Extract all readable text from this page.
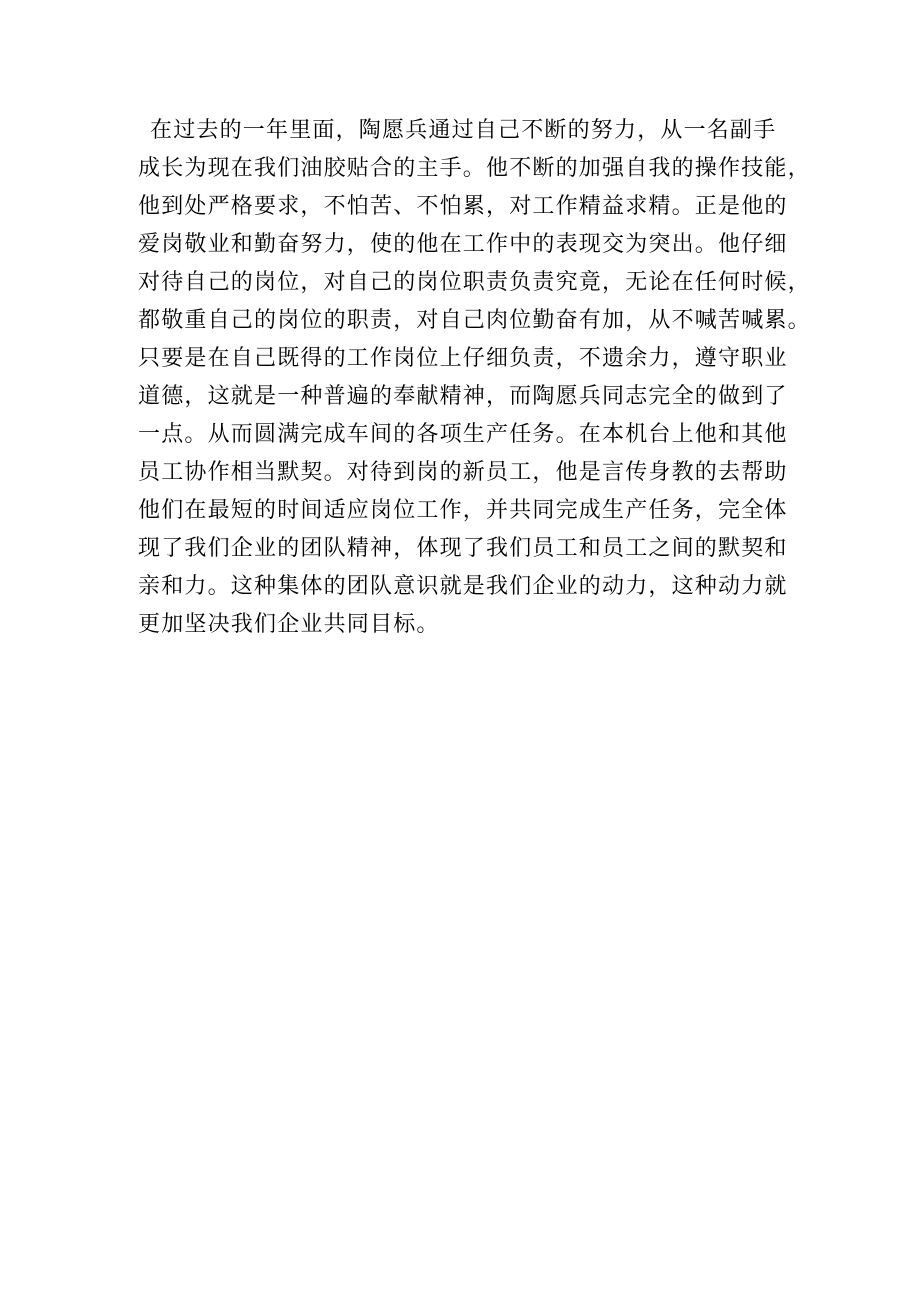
在过去的一年里面，陶愿兵通过自己不断的努力，从一名副手
成长为现在我们油胶贴合的主手。他不断的加强自我的操作技能，
他到处严格要求，不怕苦、不怕累，对工作精益求精。正是他的
爱岗敬业和勤奋努力，使的他在工作中的表现交为突出。他仔细
对待自己的岗位，对自己的岗位职责负责究竟，无论在任何时候，
都敬重自己的岗位的职责，对自己肉位勤奋有加，从不喊苦喊累。
只要是在自己既得的工作岗位上仔细负责，不遗余力，遵守职业
道德，这就是一种普遍的奉献精神，而陶愿兵同志完全的做到了
一点。从而圆满完成车间的各项生产任务。在本机台上他和其他
员工协作相当默契。对待到岗的新员工，他是言传身教的去帮助
他们在最短的时间适应岗位工作，并共同完成生产任务，完全体
现了我们企业的团队精神，体现了我们员工和员工之间的默契和
亲和力。这种集体的团队意识就是我们企业的动力，这种动力就
更加坚决我们企业共同目标。
